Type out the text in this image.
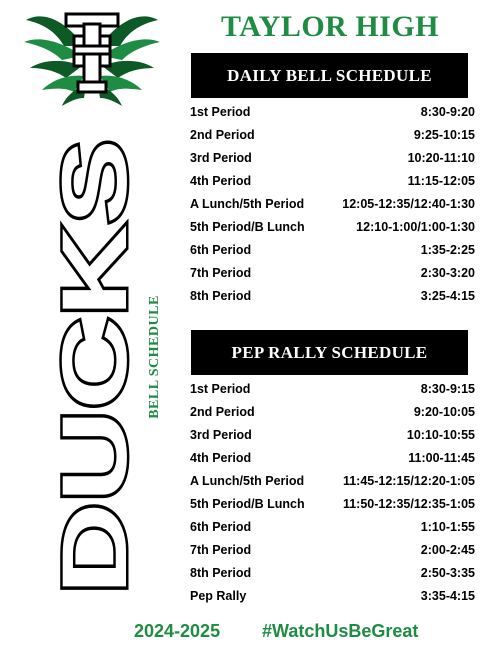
TAYLOR HIGH
DUCKS BELL SCHEDULE
DAILY BELL SCHEDULE
1st Period	8:30-9:20
2nd Period	9:25-10:15
3rd Period	10:20-11:10
4th Period	11:15-12:05
A Lunch/5th Period	12:05-12:35/12:40-1:30
5th Period/B Lunch	12:10-1:00/1:00-1:30
6th Period	1:35-2:25
7th Period	2:30-3:20
8th Period	3:25-4:15
PEP RALLY SCHEDULE
1st Period	8:30-9:15
2nd Period	9:20-10:05
3rd Period	10:10-10:55
4th Period	11:00-11:45
A Lunch/5th Period	11:45-12:15/12:20-1:05
5th Period/B Lunch	11:50-12:35/12:35-1:05
6th Period	1:10-1:55
7th Period	2:00-2:45
8th Period	2:50-3:35
Pep Rally	3:35-4:15
2024-2025 #WatchUsBeGreat
